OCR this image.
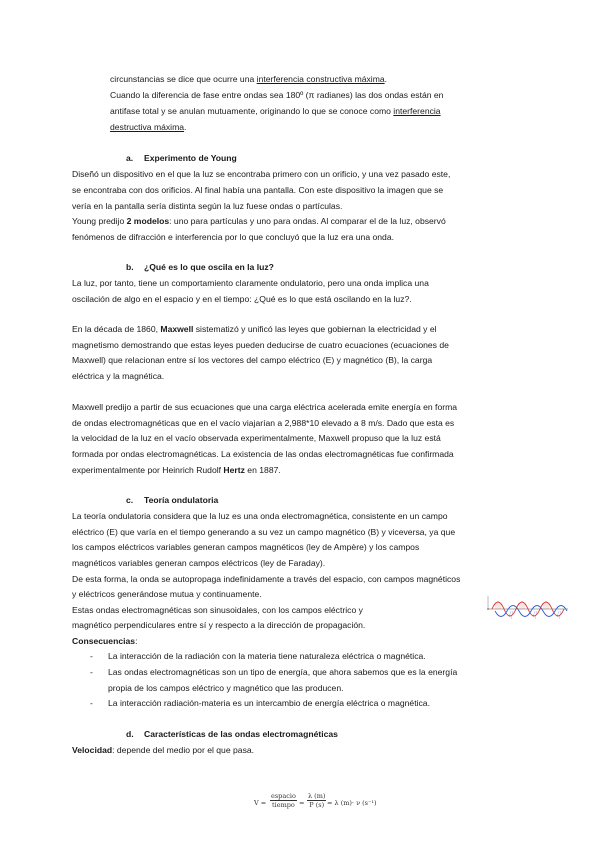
circunstancias se dice que ocurre una interferencia constructiva máxima.
Cuando la diferencia de fase entre ondas sea 180º (π radianes) las dos ondas están en
antifase total y se anulan mutuamente, originando lo que se conoce como interferencia
destructiva máxima.
a. Experimento de Young
Diseñó un dispositivo en el que la luz se encontraba primero con un orificio, y una vez pasado este,
se encontraba con dos orificios. Al final había una pantalla. Con este dispositivo la imagen que se
vería en la pantalla sería distinta según la luz fuese ondas o partículas.
Young predijo 2 modelos: uno para partículas y uno para ondas. Al comparar el de la luz, observó
fenómenos de difracción e interferencia por lo que concluyó que la luz era una onda.
b. ¿Qué es lo que oscila en la luz?
La luz, por tanto, tiene un comportamiento claramente ondulatorio, pero una onda implica una
oscilación de algo en el espacio y en el tiempo: ¿Qué es lo que está oscilando en la luz?.
En la década de 1860, Maxwell sistematizó y unificó las leyes que gobiernan la electricidad y el
magnetismo demostrando que estas leyes pueden deducirse de cuatro ecuaciones (ecuaciones de
Maxwell) que relacionan entre sí los vectores del campo eléctrico (E) y magnético (B), la carga
eléctrica y la magnética.
Maxwell predijo a partir de sus ecuaciones que una carga eléctrica acelerada emite energía en forma
de ondas electromagnéticas que en el vacío viajarían a 2,988*10 elevado a 8 m/s. Dado que esta es
la velocidad de la luz en el vacío observada experimentalmente, Maxwell propuso que la luz está
formada por ondas electromagnéticas. La existencia de las ondas electromagnéticas fue confirmada
experimentalmente por Heinrich Rudolf Hertz en 1887.
c. Teoría ondulatoria
La teoría ondulatoria considera que la luz es una onda electromagnética, consistente en un campo
eléctrico (E) que varía en el tiempo generando a su vez un campo magnético (B) y viceversa, ya que
los campos eléctricos variables generan campos magnéticos (ley de Ampère) y los campos
magnéticos variables generan campos eléctricos (ley de Faraday).
De esta forma, la onda se autopropaga indefinidamente a través del espacio, con campos magnéticos
y eléctricos generándose mutua y continuamente.
Estas ondas electromagnéticas son sinusoidales, con los campos eléctrico y
magnético perpendiculares entre sí y respecto a la dirección de propagación.
Consecuencias:
- La interacción de la radiación con la materia tiene naturaleza eléctrica o magnética.
- Las ondas electromagnéticas son un tipo de energía, que ahora sabemos que es la energía
propia de los campos eléctrico y magnético que las producen.
- La interacción radiación-materia es un intercambio de energía eléctrica o magnética.
d. Características de las ondas electromagnéticas
Velocidad: depende del medio por el que pasa.
V =
espacio
tiempo = $\frac{\lambda (m)}{P (s)} = \lambda$ (m)· ν (s⁻¹)
